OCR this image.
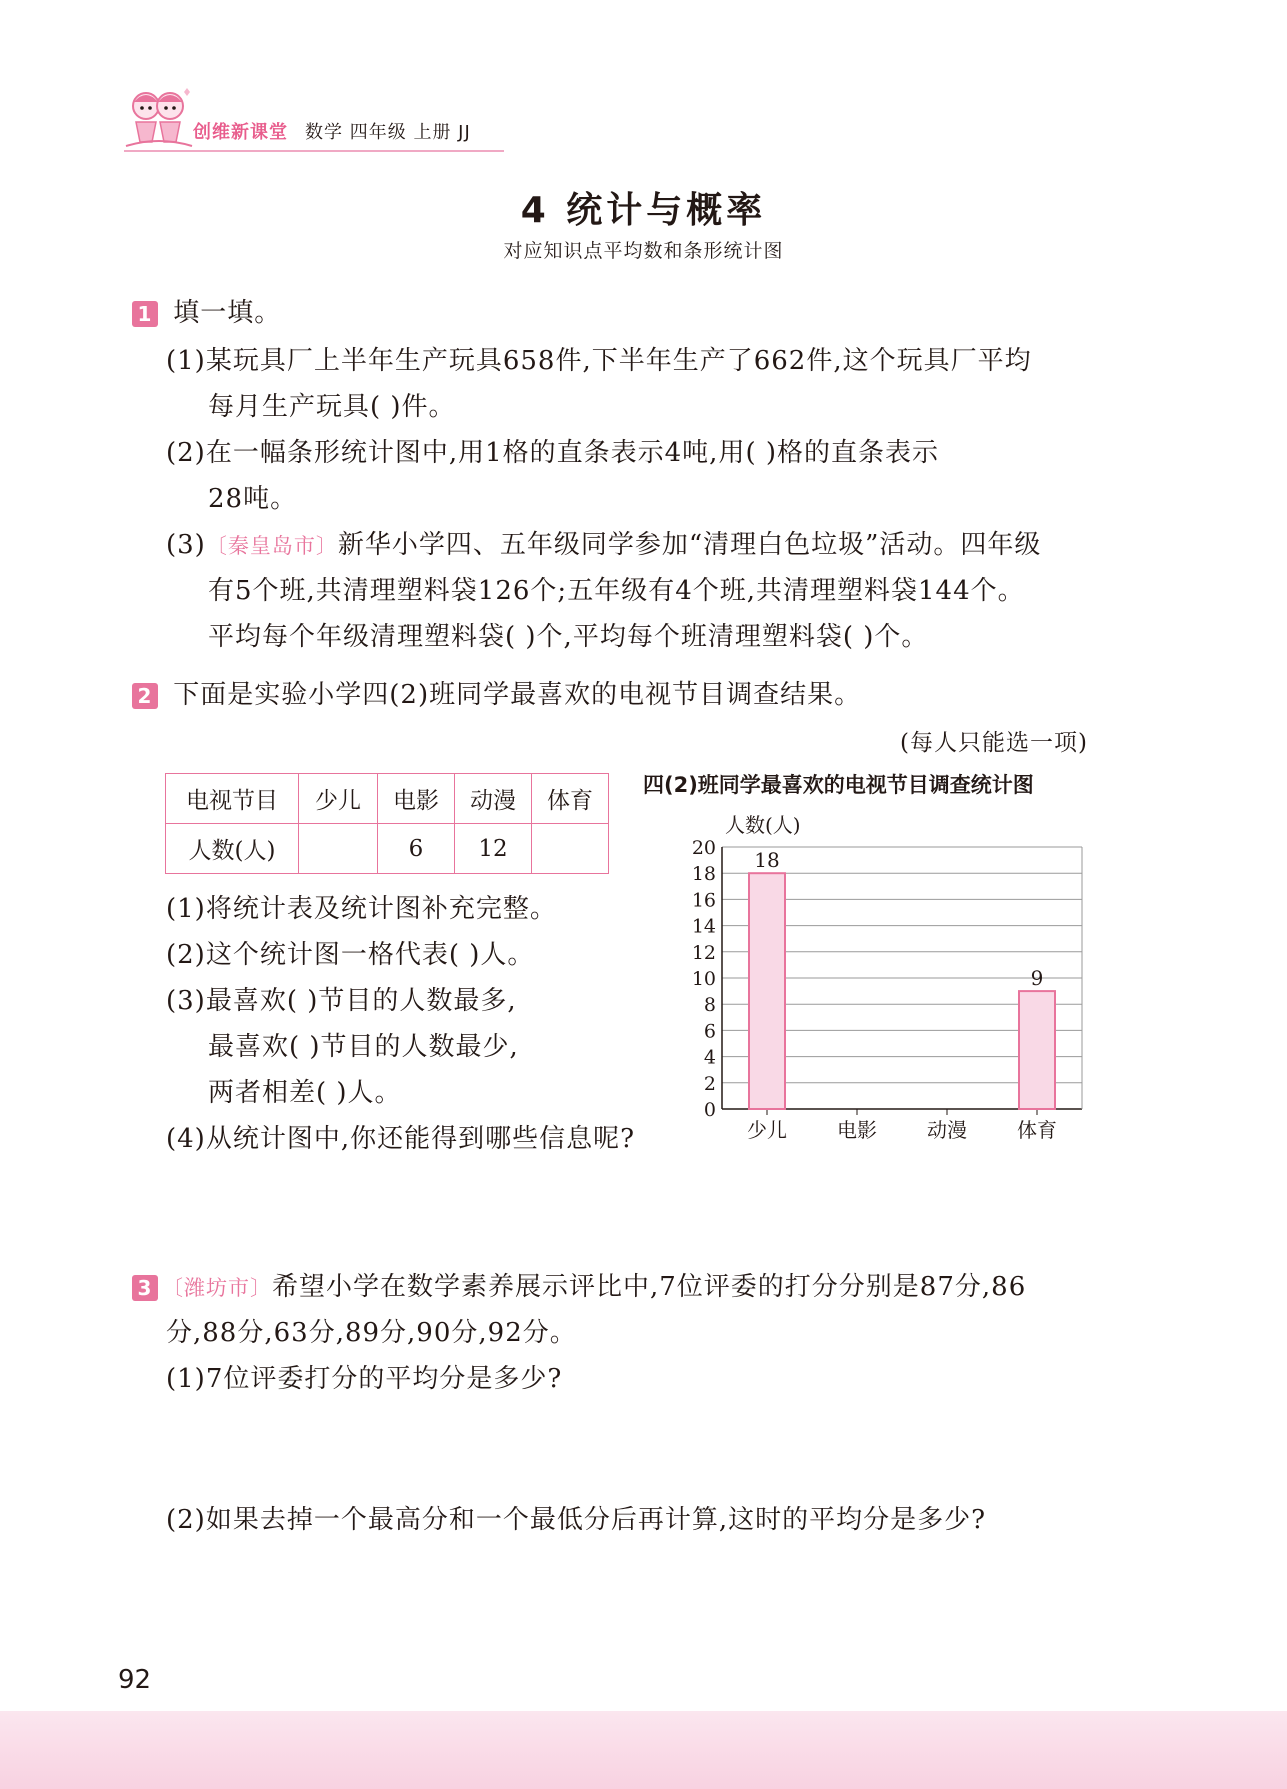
创维新课堂 数学 四年级 上册 JJ
4 统计与概率
对应知识点平均数和条形统计图
1 填一填。
(1)某玩具厂上半年生产玩具658件,下半年生产了662件,这个玩具厂平均
每月生产玩具( )件。
(2)在一幅条形统计图中,用1格的直条表示4吨,用( )格的直条表示
28吨。
(3)〔秦皇岛市〕新华小学四、五年级同学参加“清理白色垃圾”活动。四年级
有5个班,共清理塑料袋126个;五年级有4个班,共清理塑料袋144个。
平均每个年级清理塑料袋( )个,平均每个班清理塑料袋( )个。
2 下面是实验小学四(2)班同学最喜欢的电视节目调查结果。
(每人只能选一项)
电视节目	少儿	电影	动漫	体育
人数(人)		6	12	
(1)将统计表及统计图补充完整。
(2)这个统计图一格代表( )人。
(3)最喜欢( )节目的人数最多,
最喜欢( )节目的人数最少,
两者相差( )人。
(4)从统计图中,你还能得到哪些信息呢?
四(2)班同学最喜欢的电视节目调查统计图
人数(人)
0
2
4
6
8
10
12
14
16
18
20
少儿
18
电影	动漫	体育
9
3 〔潍坊市〕希望小学在数学素养展示评比中,7位评委的打分分别是87分,86
分,88分,63分,89分,90分,92分。
(1)7位评委打分的平均分是多少?
(2)如果去掉一个最高分和一个最低分后再计算,这时的平均分是多少?
92
